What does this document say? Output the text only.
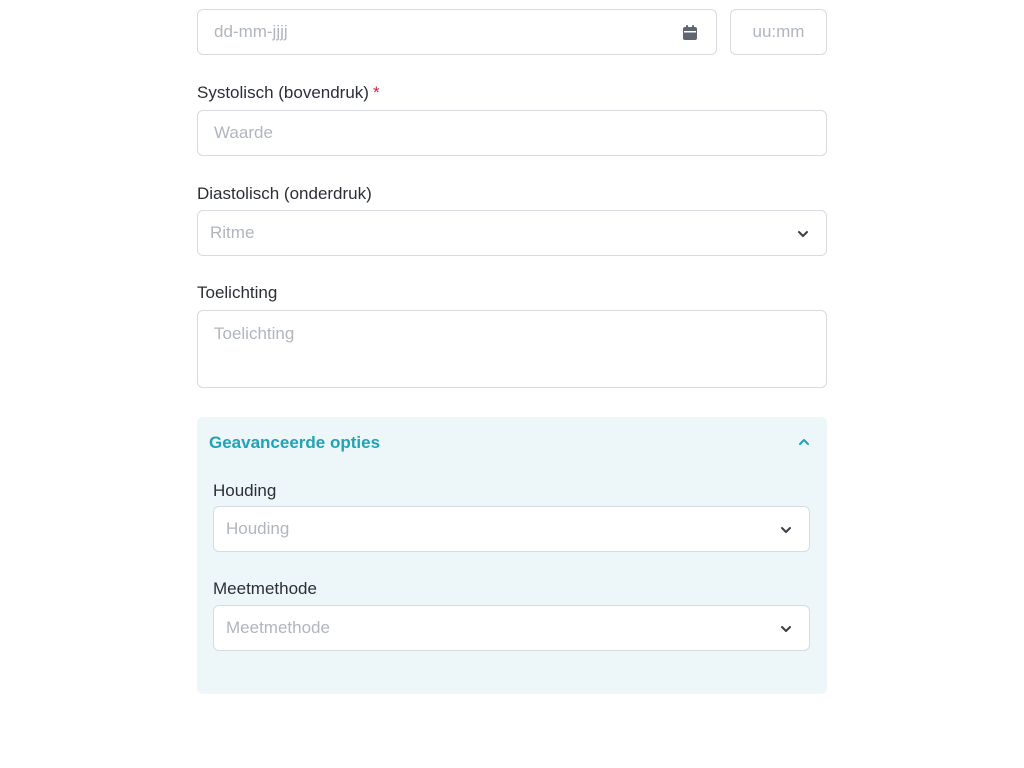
dd-mm-jjjj	uu:mm
Systolisch (bovendruk) *
Waarde
Diastolisch (onderdruk)
Ritme
Toelichting
Toelichting
Geavanceerde opties
Houding
Houding
Meetmethode
Meetmethode
